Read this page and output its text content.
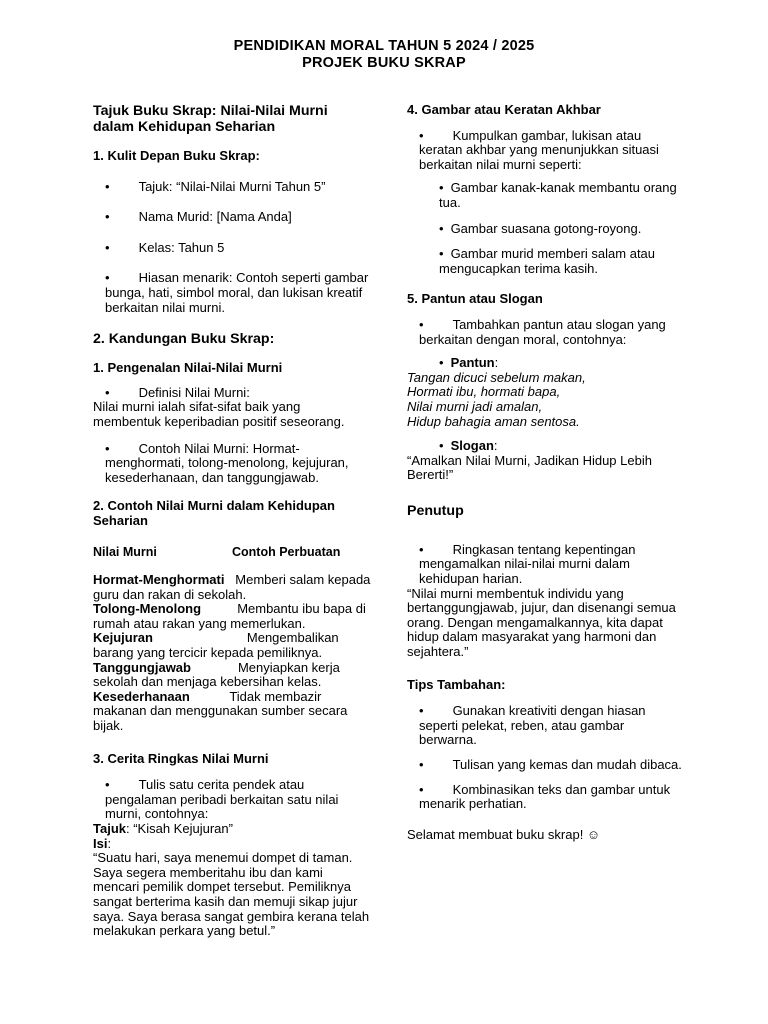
PENDIDIKAN MORAL TAHUN 5 2024 / 2025
PROJEK BUKU SKRAP

Tajuk Buku Skrap: Nilai-Nilai Murni dalam Kehidupan Seharian

1. Kulit Depan Buku Skrap:

• Tajuk: “Nilai-Nilai Murni Tahun 5”

• Nama Murid: [Nama Anda]

• Kelas: Tahun 5

• Hiasan menarik: Contoh seperti gambar bunga, hati, simbol moral, dan lukisan kreatif berkaitan nilai murni.

2. Kandungan Buku Skrap:

1. Pengenalan Nilai-Nilai Murni

• Definisi Nilai Murni:

Nilai murni ialah sifat-sifat baik yang membentuk keperibadian positif seseorang.

• Contoh Nilai Murni: Hormat-menghormati, tolong-menolong, kejujuran, kesederhanaan, dan tanggungjawab.

2. Contoh Nilai Murni dalam Kehidupan Seharian

Nilai Murni	Contoh Perbuatan

Hormat-Menghormati Memberi salam kepada guru dan rakan di sekolah.

Tolong-Menolong	Membantu ibu bapa di rumah atau rakan yang memerlukan.

Kejujuran	Mengembalikan barang yang tercicir kepada pemiliknya.

Tanggungjawab	Menyiapkan kerja sekolah dan menjaga kebersihan kelas.

Kesederhanaan	Tidak membazir makanan dan menggunakan sumber secara bijak.

3. Cerita Ringkas Nilai Murni

• Tulis satu cerita pendek atau pengalaman peribadi berkaitan satu nilai murni, contohnya:

Tajuk: “Kisah Kejujuran”

Isi:

“Suatu hari, saya menemui dompet di taman. Saya segera memberitahu ibu dan kami mencari pemilik dompet tersebut. Pemiliknya sangat berterima kasih dan memuji sikap jujur saya. Saya berasa sangat gembira kerana telah melakukan perkara yang betul.”

4. Gambar atau Keratan Akhbar

• Kumpulkan gambar, lukisan atau keratan akhbar yang menunjukkan situasi berkaitan nilai murni seperti:

• Gambar kanak-kanak membantu orang tua.

• Gambar suasana gotong-royong.

• Gambar murid memberi salam atau mengucapkan terima kasih.

5. Pantun atau Slogan

• Tambahkan pantun atau slogan yang berkaitan dengan moral, contohnya:

• Pantun:

Tangan dicuci sebelum makan,

Hormati ibu, hormati bapa,

Nilai murni jadi amalan,

Hidup bahagia aman sentosa.

• Slogan:

“Amalkan Nilai Murni, Jadikan Hidup Lebih Bererti!”

Penutup

• Ringkasan tentang kepentingan mengamalkan nilai-nilai murni dalam kehidupan harian.

“Nilai murni membentuk individu yang bertanggungjawab, jujur, dan disenangi semua orang. Dengan mengamalkannya, kita dapat hidup dalam masyarakat yang harmoni dan sejahtera.”

Tips Tambahan:

• Gunakan kreativiti dengan hiasan seperti pelekat, reben, atau gambar berwarna.

• Tulisan yang kemas dan mudah dibaca.

• Kombinasikan teks dan gambar untuk menarik perhatian.

Selamat membuat buku skrap! ☺
